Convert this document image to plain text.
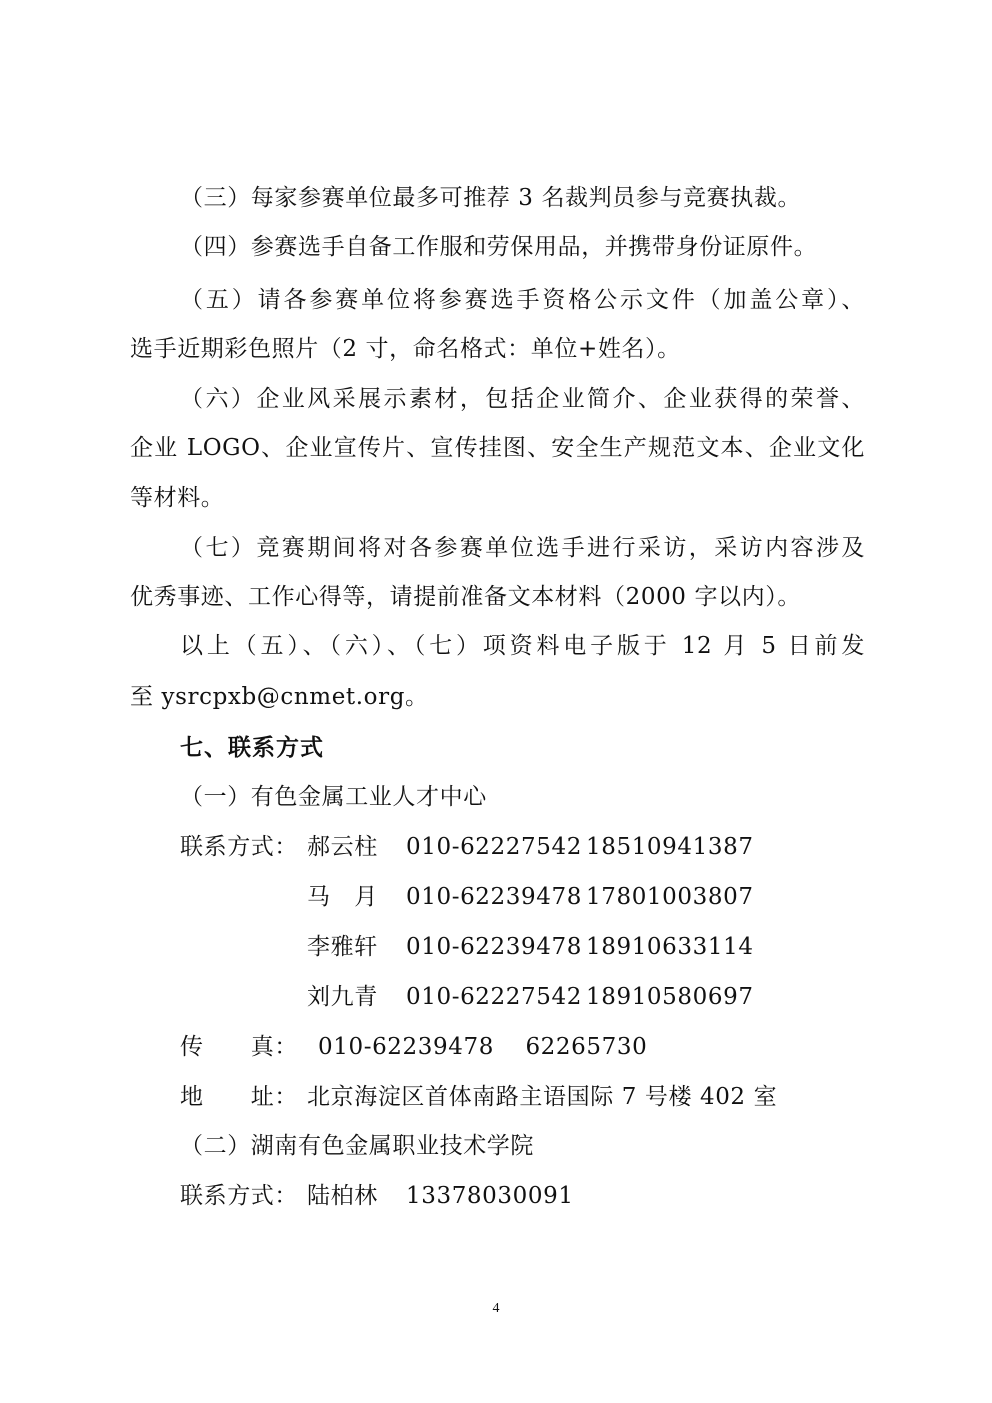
（三）每家参赛单位最多可推荐 3 名裁判员参与竞赛执裁。
（四）参赛选手自备工作服和劳保用品，并携带身份证原件。
（五）请各参赛单位将参赛选手资格公示文件（加盖公章）、
选手近期彩色照片（2 寸，命名格式：单位+姓名）。
（六）企业风采展示素材，包括企业简介、企业获得的荣誉、
企业 LOGO、企业宣传片、宣传挂图、安全生产规范文本、企业文化
等材料。
（七）竞赛期间将对各参赛单位选手进行采访，采访内容涉及
优秀事迹、工作心得等，请提前准备文本材料（2000 字以内）。
以上（五）、（六）、（七）项资料电子版于 12 月 5 日前发
至 ysrcpxb@cnmet.org。
七、联系方式
（一）有色金属工业人才中心
联系方式： 郝云柱 010-62227542 18510941387
马　月 010-62239478 17801003807
李雅轩 010-62239478 18910633114
刘九青 010-62227542 18910580697
传　　真： 010-62239478　 62265730
地　　址： 北京海淀区首体南路主语国际 7 号楼 402 室
（二）湖南有色金属职业技术学院
联系方式： 陆柏林 13378030091
4
